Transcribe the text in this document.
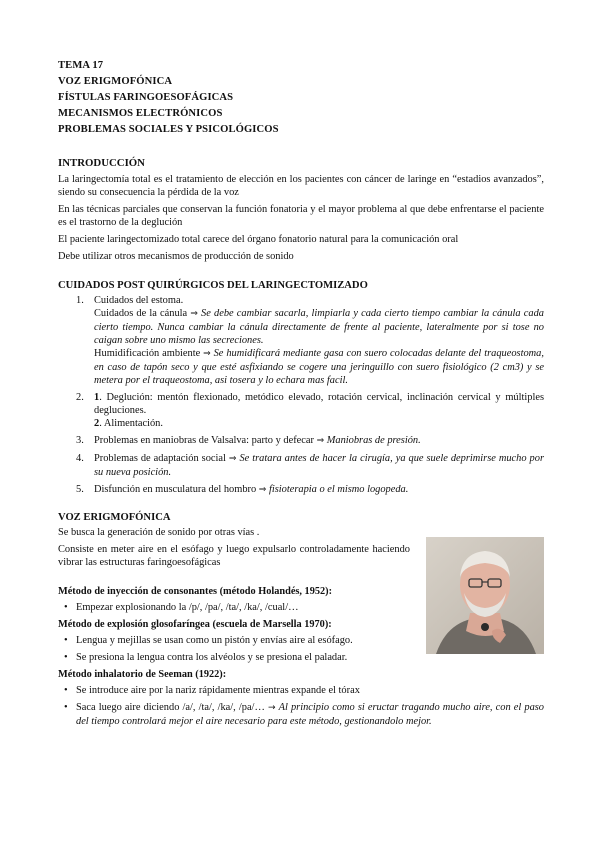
TEMA 17
VOZ ERIGMOFÓNICA
FÍSTULAS FARINGOESOFÁGICAS
MECANISMOS ELECTRÓNICOS
PROBLEMAS SOCIALES Y PSICOLÓGICOS
INTRODUCCIÓN

La laringectomía total es el tratamiento de elección en los pacientes con cáncer de laringe en “estadios avanzados”, siendo su consecuencia la pérdida de la voz

En las técnicas parciales que conservan la función fonatoria y el mayor problema al que debe enfrentarse el paciente es el trastorno de la deglución

El paciente laringectomizado total carece del órgano fonatorio natural para la comunicación oral

Debe utilizar otros mecanismos de producción de sonido

CUIDADOS POST QUIRÚRGICOS DEL LARINGECTOMIZADO
1. Cuidados del estoma.
Cuidados de la cánula ⇒ Se debe cambiar sacarla, limpiarla y cada cierto tiempo cambiar la cánula cada cierto tiempo. Nunca cambiar la cánula directamente de frente al paciente, lateralmente por si tose no caigan sobre uno mismo las secreciones.
Humidificación ambiente ⇒ Se humidificará mediante gasa con suero colocadas delante del traqueostoma, en caso de tapón seco y que esté asfixiando se cogere una jeringuillo con suero fisiológico (2 cm3) y se metera por el traqueostoma, asi tosera y lo echara mas facil.
2. 1. Deglución: mentón flexionado, metódico elevado, rotación cervical, inclinación cervical y múltiples degluciones.
2. Alimentación.
3. Problemas en maniobras de Valsalva: parto y defecar ⇒ Maniobras de presión.
4. Problemas de adaptación social ⇒ Se tratara antes de hacer la cirugía, ya que suele deprimirse mucho por su nueva posición.
5. Disfunción en musculatura del hombro ⇒ fisioterapia o el mismo logopeda.
VOZ ERIGMOFÓNICA

Se busca la generación de sonido por otras vías .

Consiste en meter aire en el esófago y luego expulsarlo controladamente haciendo vibrar las estructuras faringoesofágicas

Método de inyección de consonantes (método Holandés, 1952):
• Empezar explosionando la /p/, /pa/, /ta/, /ka/, /cual/…
Método de explosión glosofaríngea (escuela de Marsella 1970):
• Lengua y mejillas se usan como un pistón y envías aire al esófago.
• Se presiona la lengua contra los alvéolos y se presiona el paladar.
Método inhalatorio de Seeman (1922):
• Se introduce aire por la nariz rápidamente mientras expande el tórax
• Saca luego aire diciendo /a/, /ta/, /ka/, /pa/… → Al principio como si eructar tragando mucho aire, con el paso del tiempo controlará mejor el aire necesario para este método, gestionandolo mejor.
